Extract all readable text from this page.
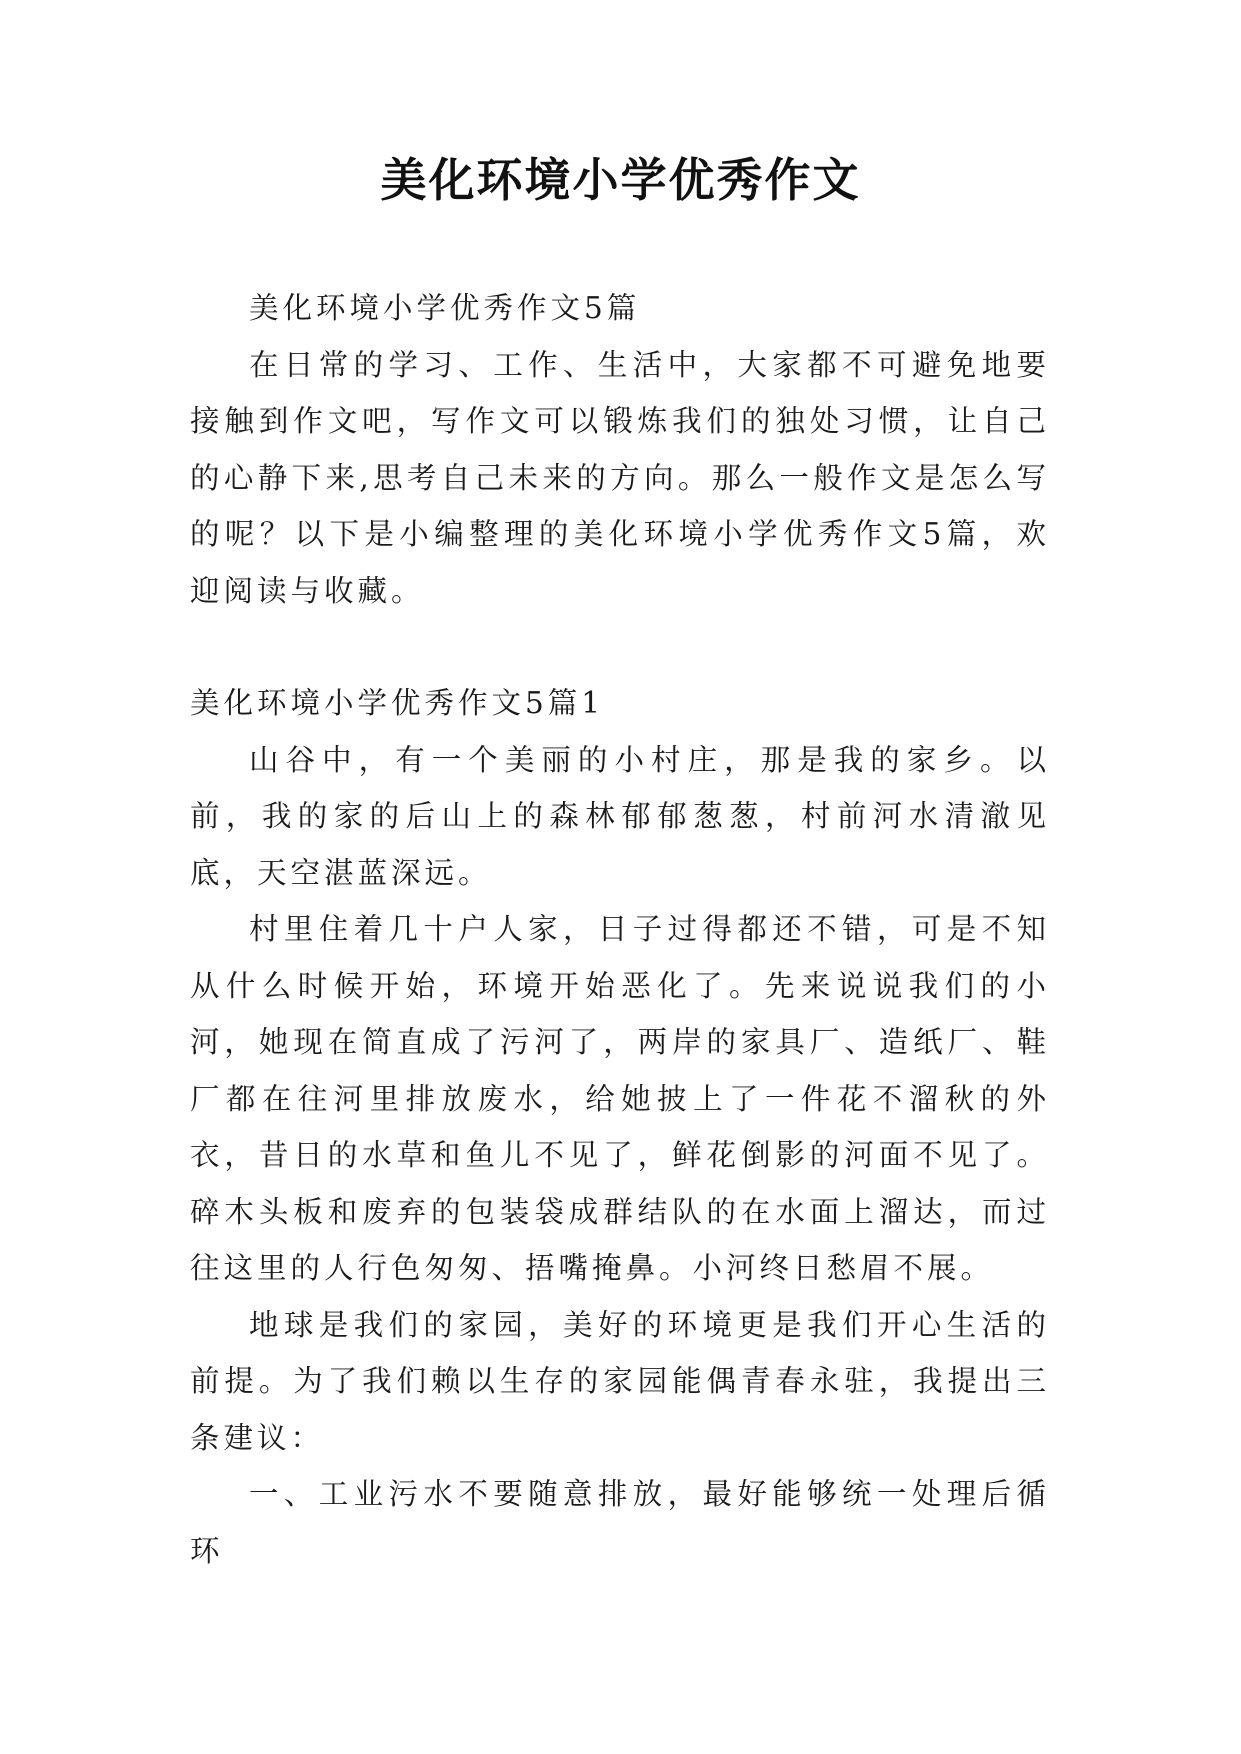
美化环境小学优秀作文

美化环境小学优秀作文5篇

在日常的学习、工作、生活中，大家都不可避免地要接触到作文吧，写作文可以锻炼我们的独处习惯，让自己的心静下来,思考自己未来的方向。那么一般作文是怎么写的呢？以下是小编整理的美化环境小学优秀作文5篇，欢迎阅读与收藏。

美化环境小学优秀作文5篇1

山谷中，有一个美丽的小村庄，那是我的家乡。以前，我的家的后山上的森林郁郁葱葱，村前河水清澈见底，天空湛蓝深远。

村里住着几十户人家，日子过得都还不错，可是不知从什么时候开始，环境开始恶化了。先来说说我们的小河，她现在简直成了污河了，两岸的家具厂、造纸厂、鞋厂都在往河里排放废水，给她披上了一件花不溜秋的外衣，昔日的水草和鱼儿不见了，鲜花倒影的河面不见了。碎木头板和废弃的包装袋成群结队的在水面上溜达，而过往这里的人行色匆匆、捂嘴掩鼻。小河终日愁眉不展。

地球是我们的家园，美好的环境更是我们开心生活的前提。为了我们赖以生存的家园能偶青春永驻，我提出三条建议：

一、工业污水不要随意排放，最好能够统一处理后循环
